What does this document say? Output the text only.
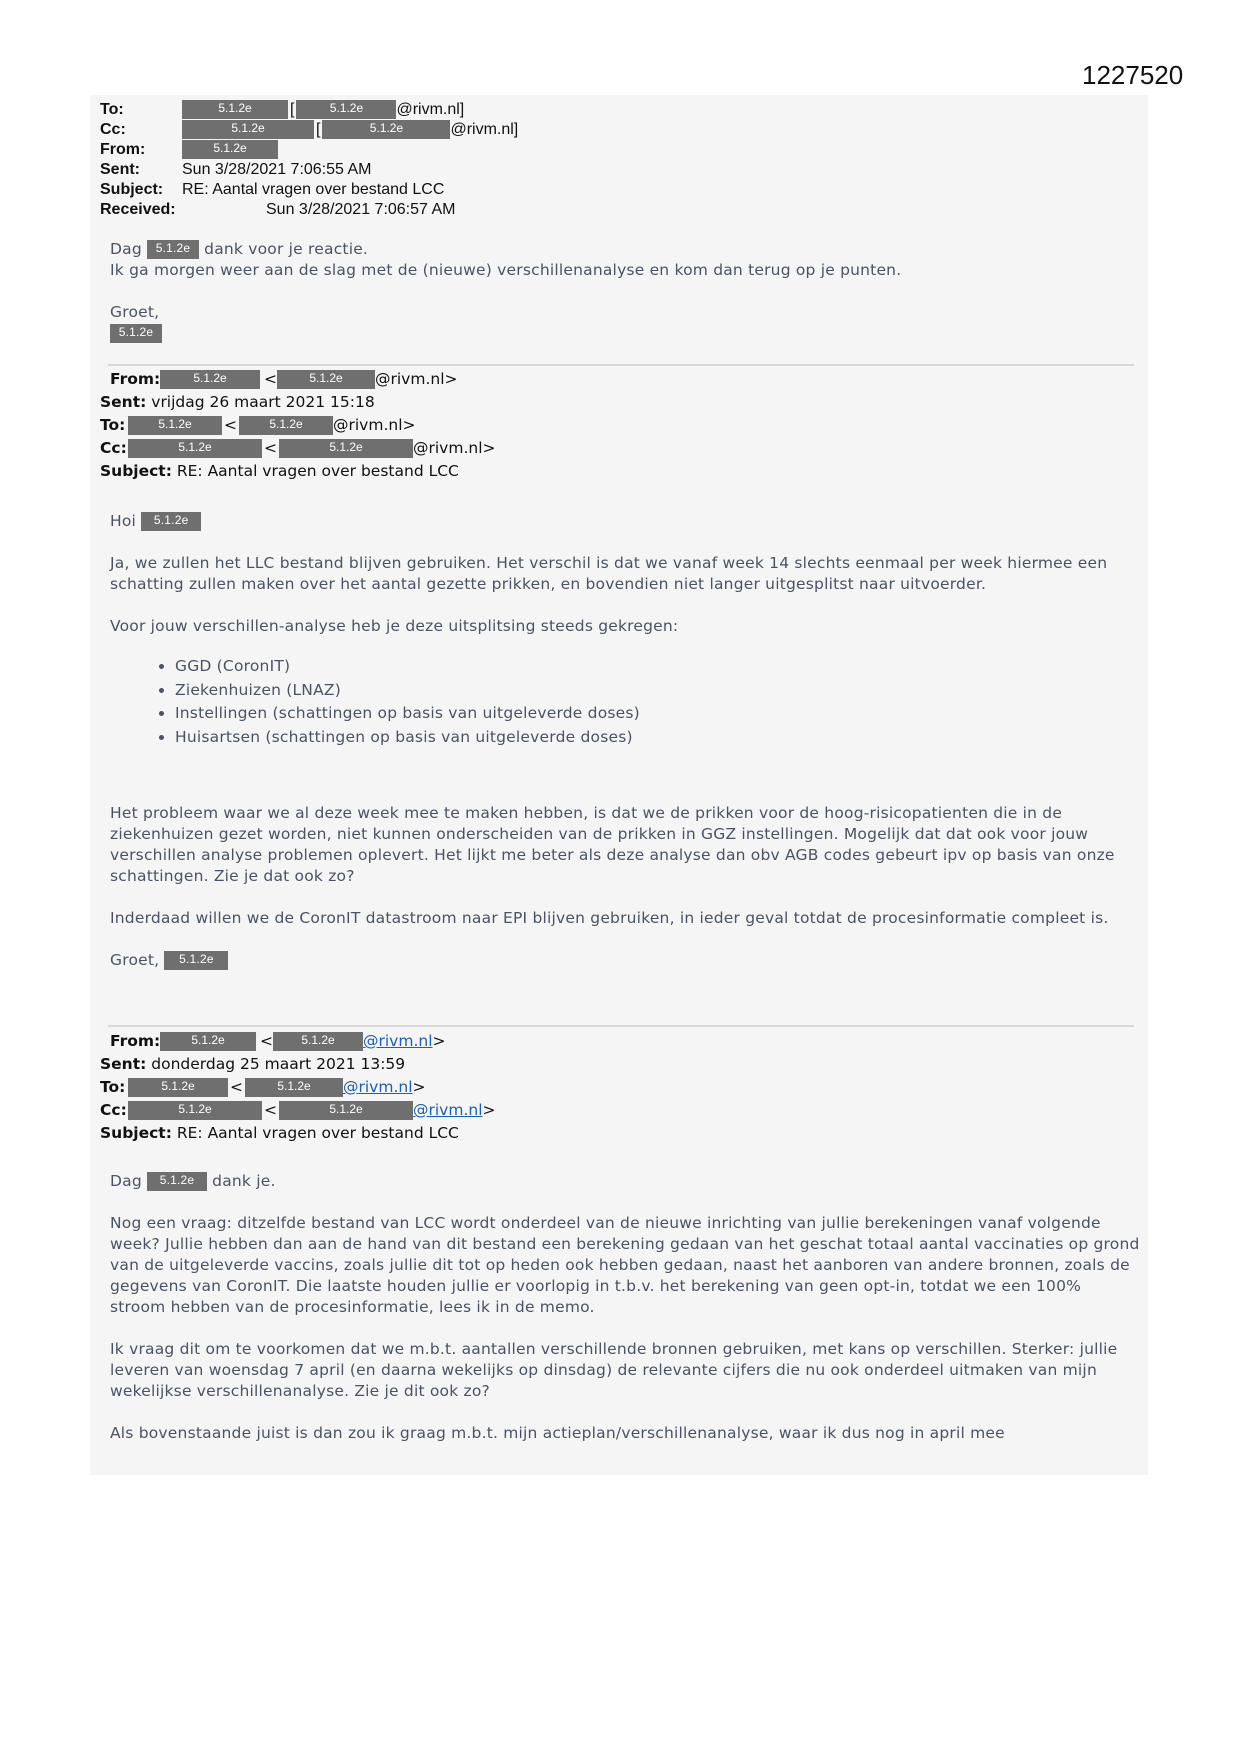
1227520
To:	5.1.2e [	5.1.2e @rivm.nl]
Cc:	5.1.2e	[	5.1.2e	@rivm.nl]
From:	5.1.2e
Sent:	Sun 3/28/2021 7:06:55 AM
Subject: RE: Aantal vragen over bestand LCC
Received:	Sun 3/28/2021 7:06:57 AM
Dag 5.1.2e dank voor je reactie.
Ik ga morgen weer aan de slag met de (nieuwe) verschillenanalyse en kom dan terug op je punten.
Groet,
5.1.2e
From:	5.1.2e <	5.1.2e @rivm.nl>
Sent: vrijdag 26 maart 2021 15:18
To:	5.1.2e <	5.1.2e @rivm.nl>
Cc:	5.1.2e	<	5.1.2e	@rivm.nl>
Subject: RE: Aantal vragen over bestand LCC
Hoi 5.1.2e

Ja, we zullen het LLC bestand blijven gebruiken. Het verschil is dat we vanaf week 14 slechts eenmaal per week hiermee een schatting zullen maken over het aantal gezette prikken, en bovendien niet langer uitgesplitst naar uitvoerder.

Voor jouw verschillen-analyse heb je deze uitsplitsing steeds gekregen:

• GGD (CoronIT)
• Ziekenhuizen (LNAZ)
• Instellingen (schattingen op basis van uitgeleverde doses)
• Huisartsen (schattingen op basis van uitgeleverde doses)

Het probleem waar we al deze week mee te maken hebben, is dat we de prikken voor de hoog-risicopatienten die in de ziekenhuizen gezet worden, niet kunnen onderscheiden van de prikken in GGZ instellingen. Mogelijk dat dat ook voor jouw verschillen analyse problemen oplevert. Het lijkt me beter als deze analyse dan obv AGB codes gebeurt ipv op basis van onze schattingen. Zie je dat ook zo?

Inderdaad willen we de CoronIT datastroom naar EPI blijven gebruiken, in ieder geval totdat de procesinformatie compleet is.

Groet, 5.1.2e
From:	5.1.2e < 5.1.2e @rivm.nl>
Sent: donderdag 25 maart 2021 13:59
To:	5.1.2e <	5.1.2e @rivm.nl>
Cc:	5.1.2e	<	5.1.2e	@rivm.nl>
Subject: RE: Aantal vragen over bestand LCC
Dag 5.1.2e dank je.

Nog een vraag: ditzelfde bestand van LCC wordt onderdeel van de nieuwe inrichting van jullie berekeningen vanaf volgende week? Jullie hebben dan aan de hand van dit bestand een berekening gedaan van het geschat totaal aantal vaccinaties op grond van de uitgeleverde vaccins, zoals jullie dit tot op heden ook hebben gedaan, naast het aanboren van andere bronnen, zoals de gegevens van CoronIT. Die laatste houden jullie er voorlopig in t.b.v. het berekening van geen opt-in, totdat we een 100% stroom hebben van de procesinformatie, lees ik in de memo.

Ik vraag dit om te voorkomen dat we m.b.t. aantallen verschillende bronnen gebruiken, met kans op verschillen. Sterker: jullie leveren van woensdag 7 april (en daarna wekelijks op dinsdag) de relevante cijfers die nu ook onderdeel uitmaken van mijn wekelijkse verschillenanalyse. Zie je dit ook zo?

Als bovenstaande juist is dan zou ik graag m.b.t. mijn actieplan/verschillenanalyse, waar ik dus nog in april mee
